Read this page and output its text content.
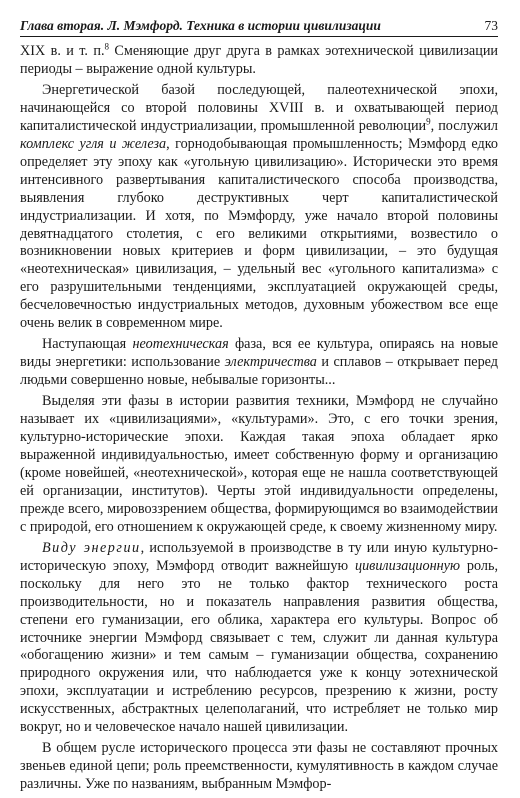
Глава вторая. Л. Мэмфорд. Техника в истории цивилизации	73

XIX в. и т. п.$^8$ Сменяющие друг друга в рамках эотехнической цивилизации периоды – выражение одной культуры.

Энергетической базой последующей, палеотехнической эпохи, начинающейся со второй половины XVIII в. и охватывающей период капиталистической индустриализации, промышленной революции$^9$, послужил комплекс угля и железа, горнодобывающая промышленность; Мэмфорд едко определяет эту эпоху как «угольную цивилизацию». Исторически это время интенсивного развертывания капиталистического способа производства, выявления глубоко деструктивных черт капиталистической индустриализации. И хотя, по Мэмфорду, уже начало второй половины девятнадцатого столетия, с его великими открытиями, возвестило о возникновении новых критериев и форм цивилизации, – это будущая «неотехническая» цивилизация, – удельный вес «угольного капитализма» с его разрушительными тенденциями, эксплуатацией окружающей среды, бесчеловечностью индустриальных методов, духовным убожеством все еще очень велик в современном мире.

Наступающая неотехническая фаза, вся ее культура, опираясь на новые виды энергетики: использование электричества и сплавов – открывает перед людьми совершенно новые, небывалые горизонты...

Выделяя эти фазы в истории развития техники, Мэмфорд не случайно называет их «цивилизациями», «культурами». Это, с его точки зрения, культурно-исторические эпохи. Каждая такая эпоха обладает ярко выраженной индивидуальностью, имеет собственную форму и организацию (кроме новейшей, «неотехнической», которая еще не нашла соответствующей ей организации, институтов). Черты этой индивидуальности определены, прежде всего, мировоззрением общества, формирующимся во взаимодействии с природой, его отношением к окружающей среде, к своему жизненному миру.

Виду энергии, используемой в производстве в ту или иную культурно-историческую эпоху, Мэмфорд отводит важнейшую цивилизационную роль, поскольку для него это не только фактор технического роста производительности, но и показатель направления развития общества, степени его гуманизации, его облика, характера его культуры. Вопрос об источнике энергии Мэмфорд связывает с тем, служит ли данная культура «обогащению жизни» и тем самым – гуманизации общества, сохранению природного окружения или, что наблюдается уже к концу эотехнической эпохи, эксплуатации и истреблению ресурсов, презрению к жизни, росту искусственных, абстрактных целеполаганий, что истребляет не только мир вокруг, но и человеческое начало нашей цивилизации.

В общем русле исторического процесса эти фазы не составляют прочных звеньев единой цепи; роль преемственности, кумулятивность в каждом случае различны. Уже по названиям, выбранным Мэмфор-
